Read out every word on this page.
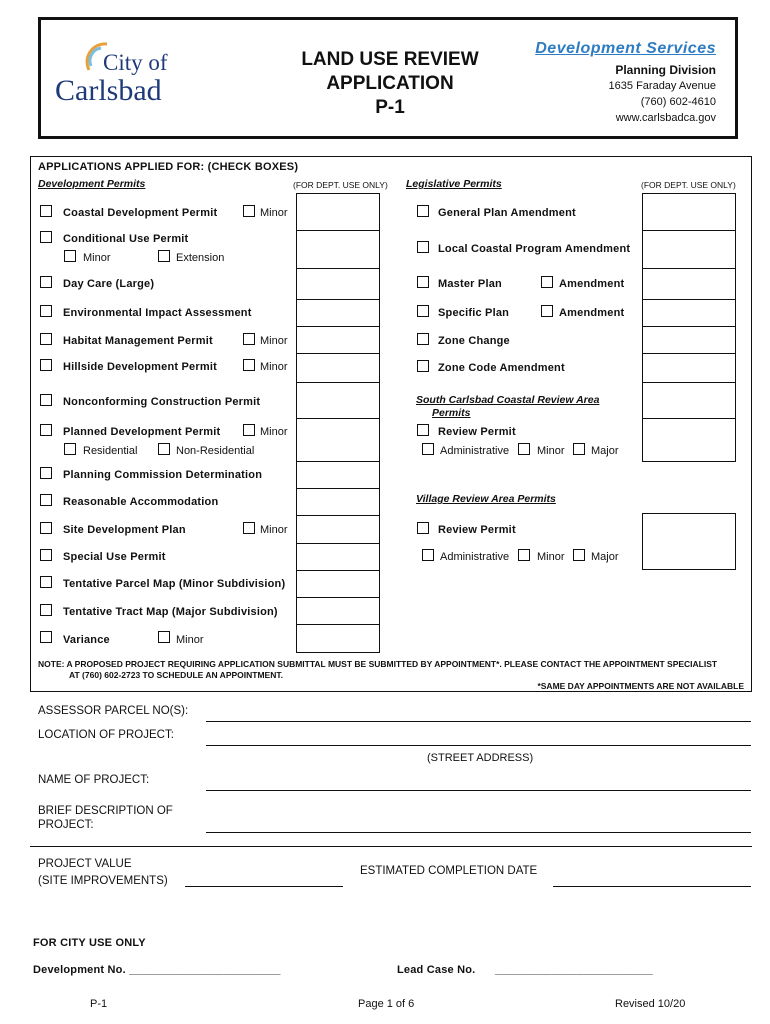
City of
Carlsbad
LAND USE REVIEW
APPLICATION
P-1
Development Services
Planning Division
1635 Faraday Avenue
(760) 602-4610
www.carlsbadca.gov
APPLICATIONS APPLIED FOR: (CHECK BOXES)
Development Permits	(FOR DEPT. USE ONLY) Legislative Permits	(FOR DEPT. USE ONLY)
Coastal Development Permit	Minor
Conditional Use Permit
Minor	Extension
Day Care (Large)
Environmental Impact Assessment
Habitat Management Permit	Minor
Hillside Development Permit	Minor
Nonconforming Construction Permit
Planned Development Permit	Minor
Residential	Non-Residential
Planning Commission Determination
Reasonable Accommodation
Site Development Plan	Minor
Special Use Permit
Tentative Parcel Map (Minor Subdivision)
Tentative Tract Map (Major Subdivision)
Variance	Minor
General Plan Amendment
Local Coastal Program Amendment
Master Plan	Amendment
Specific Plan	Amendment
Zone Change
Zone Code Amendment
South Carlsbad Coastal Review Area
Permits
Review Permit
Administrative	Minor Major
Village Review Area Permits
Review Permit
Administrative	Minor Major
NOTE: A PROPOSED PROJECT REQUIRING APPLICATION SUBMITTAL MUST BE SUBMITTED BY APPOINTMENT*. PLEASE CONTACT THE APPOINTMENT SPECIALIST
AT (760) 602-2723 TO SCHEDULE AN APPOINTMENT.
*SAME DAY APPOINTMENTS ARE NOT AVAILABLE
ASSESSOR PARCEL NO(S):
LOCATION OF PROJECT:
(STREET ADDRESS)
NAME OF PROJECT:
BRIEF DESCRIPTION OF
PROJECT:
PROJECT VALUE
(SITE IMPROVEMENTS)
ESTIMATED COMPLETION DATE
FOR CITY USE ONLY
Development No. ________________________	Lead Case No. _________________________
P-1	Page 1 of 6	Revised 10/20
